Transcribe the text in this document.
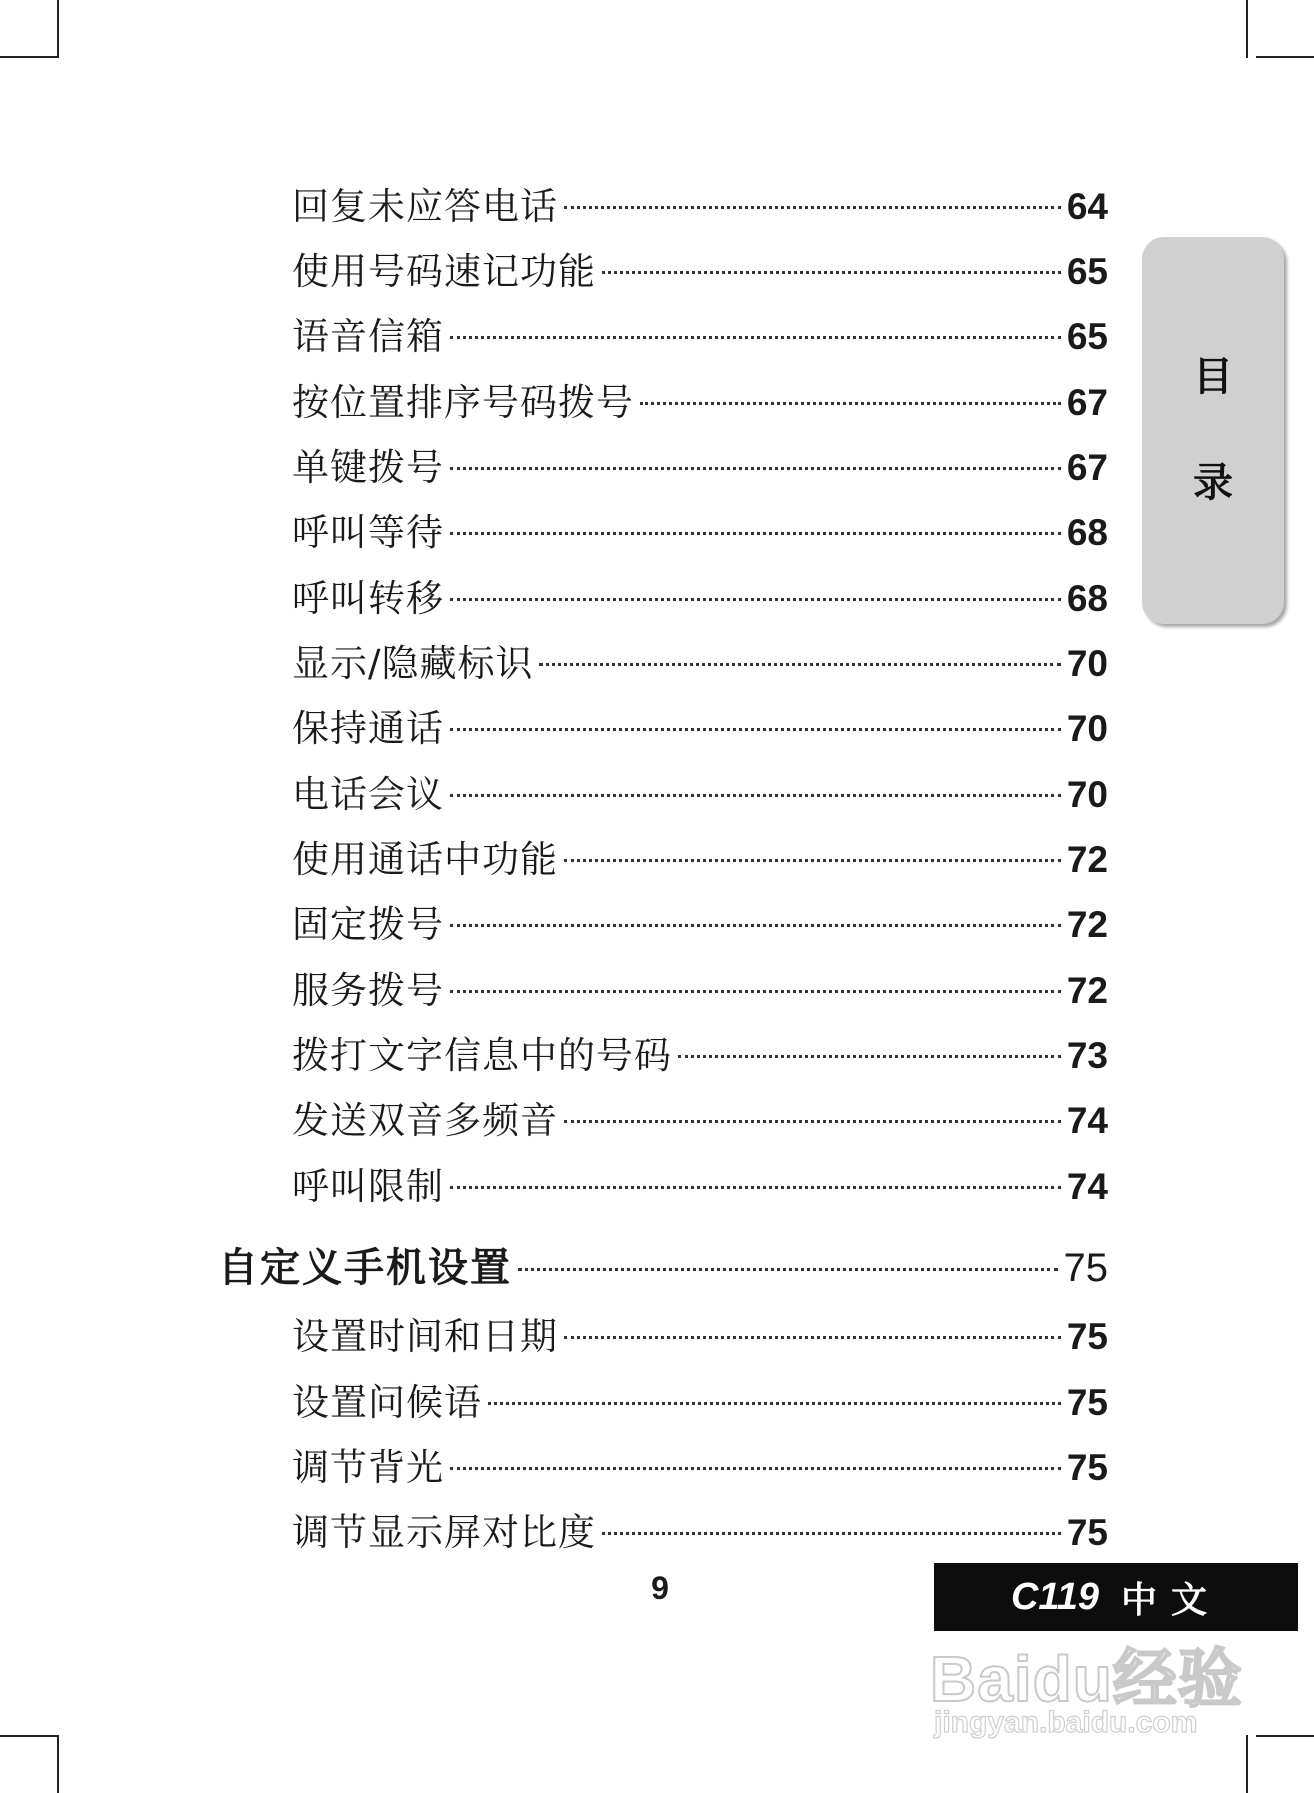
回复未应答电话	64
使用号码速记功能	65
语音信箱	65
按位置排序号码拨号	67
单键拨号	67
呼叫等待	68
呼叫转移	68
显示/隐藏标识	70
保持通话	70
电话会议	70
使用通话中功能	72
固定拨号	72
服务拨号	72
拨打文字信息中的号码	73
发送双音多频音	74
呼叫限制	74
自定义手机设置	75
设置时间和日期	75
设置问候语	75
调节背光	75
调节显示屏对比度	75
目
录
9	C119 中文
Baidu经验
jingyan.baidu.com
